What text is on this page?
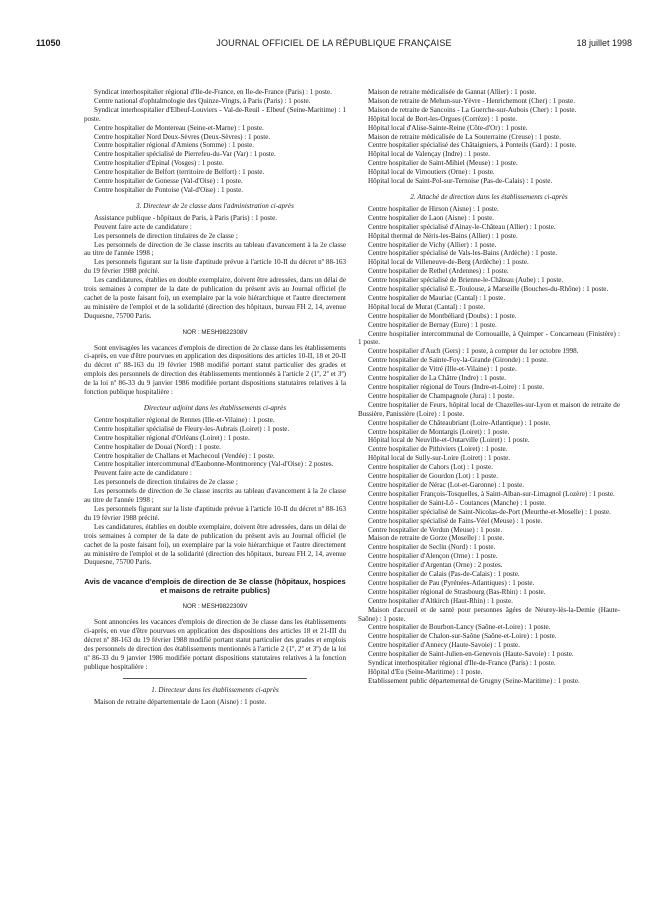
11050	JOURNAL OFFICIEL DE LA RÉPUBLIQUE FRANÇAISE	18 juillet 1998

Syndicat interhospitalier régional d'Ile-de-France, en Ile-de-France (Paris) : 1 poste.

Centre national d'ophtalmologie des Quinze-Vingts, à Paris (Paris) : 1 poste.

Syndicat interhospitalier d'Elbeuf-Louviers - Val-de-Reuil - Elbeuf (Seine-Maritime) : 1 poste.

Centre hospitalier de Montereau (Seine-et-Marne) : 1 poste.

Centre hospitalier Nord Deux-Sèvres (Deux-Sèvres) : 1 poste.

Centre hospitalier régional d'Amiens (Somme) : 1 poste.

Centre hospitalier spécialisé de Pierrefeu-du-Var (Var) : 1 poste.

Centre hospitalier d'Epinal (Vosges) : 1 poste.

Centre hospitalier de Belfort (territoire de Belfort) : 1 poste.

Centre hospitalier de Gonesse (Val-d'Oise) : 1 poste.

Centre hospitalier de Pontoise (Val-d'Oise) : 1 poste.

3. Directeur de 2e classe dans l'administration ci-après

Assistance publique - hôpitaux de Paris, à Paris (Paris) : 1 poste.

Peuvent faire acte de candidature :

Les personnels de direction titulaires de 2e classe ;

Les personnels de direction de 3e classe inscrits au tableau d'avancement à la 2e classe au titre de l'année 1998 ;

Les personnels figurant sur la liste d'aptitude prévue à l'article 10-II du décret nº 88-163 du 19 février 1988 précité.

Les candidatures, établies en double exemplaire, doivent être adressées, dans un délai de trois semaines à compter de la date de publication du présent avis au Journal officiel (le cachet de la poste faisant foi), un exemplaire par la voie hiérarchique et l'autre directement au ministère de l'emploi et de la solidarité (direction des hôpitaux, bureau FH 2, 14, avenue Duquesne, 75700 Paris.

NOR : MESH9822308V

Sont envisagées les vacances d'emplois de direction de 2e classe dans les établissements ci-après, en vue d'être pourvues en application des dispositions des articles 10-II, 18 et 20-II du décret nº 88-163 du 19 février 1988 modifié portant statut particulier des grades et emplois des personnels de direction des établissements mentionnés à l'article 2 (1º, 2º et 3º) de la loi nº 86-33 du 9 janvier 1986 modifiée portant dispositions statutaires relatives à la fonction publique hospitalière :

Directeur adjoint dans les établissements ci-après

Centre hospitalier régional de Rennes (Ille-et-Vilaine) : 1 poste.

Centre hospitalier spécialisé de Fleury-les-Aubrais (Loiret) : 1 poste.

Centre hospitalier régional d'Orléans (Loiret) : 1 poste.

Centre hospitalier de Douai (Nord) : 1 poste.

Centre hospitalier de Challans et Machecoul (Vendée) : 1 poste.

Centre hospitalier intercommunal d'Eaubonne-Montmorency (Val-d'Oise) : 2 postes.

Peuvent faire acte de candidature :

Les personnels de direction titulaires de 2e classe ;

Les personnels de direction de 3e classe inscrits au tableau d'avancement à la 2e classe au titre de l'année 1998 ;

Les personnels figurant sur la liste d'aptitude prévue à l'article 10-II du décret nº 88-163 du 19 février 1988 précité.

Les candidatures, établies en double exemplaire, doivent être adressées, dans un délai de trois semaines à compter de la date de publication du présent avis au Journal officiel (le cachet de la poste faisant foi), un exemplaire par la voie hiérarchique et l'autre directement au ministère de l'emploi et de la solidarité (direction des hôpitaux, bureau FH 2, 14, avenue Duquesne, 75700 Paris.

Avis de vacance d'emplois de direction de 3e classe (hôpitaux, hospices et maisons de retraite publics)

NOR : MESH9822309V

Sont annoncées les vacances d'emplois de direction de 3e classe dans les établissements ci-après, en vue d'être pourvues en application des dispositions des articles 18 et 21-III du décret nº 88-163 du 19 février 1988 modifié portant statut particulier des grades et emplois des personnels de direction des établissements mentionnés à l'article 2 (1º, 2º et 3º) de la loi nº 86-33 du 9 janvier 1986 modifiée portant dispositions statutaires relatives à la fonction publique hospitalière :

1. Directeur dans les établissements ci-après

Maison de retraite départementale de Laon (Aisne) : 1 poste.

Maison de retraite médicalisée de Gannat (Allier) : 1 poste.

Maison de retraite de Mehun-sur-Yèvre - Henrichemont (Cher) : 1 poste.

Maison de retraite de Sancoins - La Guerche-sur-Aubois (Cher) : 1 poste.

Hôpital local de Bort-les-Orgues (Corrèze) : 1 poste.

Hôpital local d'Alise-Sainte-Reine (Côte-d'Or) : 1 poste.

Maison de retraite médicalisée de La Souterraine (Creuse) : 1 poste.

Centre hospitalier spécialisé des Châtaigniers, à Ponteils (Gard) : 1 poste.

Hôpital local de Valençay (Indre) : 1 poste.

Centre hospitalier de Saint-Mihiel (Meuse) : 1 poste.

Hôpital local de Vimoutiers (Orne) : 1 poste.

Hôpital local de Saint-Pol-sur-Ternoise (Pas-de-Calais) : 1 poste.

2. Attaché de direction dans les établissements ci-après

Centre hospitalier de Hirson (Aisne) : 1 poste.

Centre hospitalier de Laon (Aisne) : 1 poste.

Centre hospitalier spécialisé d'Ainay-le-Château (Allier) : 1 poste.

Hôpital thermal de Néris-les-Bains (Allier) : 1 poste.

Centre hospitalier de Vichy (Allier) : 1 poste.

Centre hospitalier spécialisé de Vals-les-Bains (Ardèche) : 1 poste.

Hôpital local de Villeneuve-de-Berg (Ardèche) : 1 poste.

Centre hospitalier de Rethel (Ardennes) : 1 poste.

Centre hospitalier spécialisé de Brienne-le-Château (Aube) : 1 poste.

Centre hospitalier spécialisé E.-Toulouse, à Marseille (Bouches-du-Rhône) : 1 poste.

Centre hospitalier de Mauriac (Cantal) : 1 poste.

Hôpital local de Murat (Cantal) : 1 poste.

Centre hospitalier de Montbéliard (Doubs) : 1 poste.

Centre hospitalier de Bernay (Eure) : 1 poste.

Centre hospitalier intercommunal de Cornouaille, à Quimper - Concarneau (Finistère) : 1 poste.

Centre hospitalier d'Auch (Gers) : 1 poste, à compter du 1er octobre 1998.

Centre hospitalier de Sainte-Foy-la-Grande (Gironde) : 1 poste.

Centre hospitalier de Vitré (Ille-et-Vilaine) : 1 poste.

Centre hospitalier de La Châtre (Indre) : 1 poste.

Centre hospitalier régional de Tours (Indre-et-Loire) : 1 poste.

Centre hospitalier de Champagnole (Jura) : 1 poste.

Centre hospitalier de Feurs, hôpital local de Chazelles-sur-Lyon et maison de retraite de Bussière, Panissière (Loire) : 1 poste.

Centre hospitalier de Châteaubriant (Loire-Atlantique) : 1 poste.

Centre hospitalier de Montargis (Loiret) : 1 poste.

Hôpital local de Neuville-et-Outarville (Loiret) : 1 poste.

Centre hospitalier de Pithiviers (Loiret) : 1 poste.

Hôpital local de Sully-sur-Loire (Loiret) : 1 poste.

Centre hospitalier de Cahors (Lot) : 1 poste.

Centre hospitalier de Gourdon (Lot) : 1 poste.

Centre hospitalier de Nérac (Lot-et-Garonne) : 1 poste.

Centre hospitalier François-Tosquelles, à Saint-Alban-sur-Limagnol (Lozère) : 1 poste.

Centre hospitalier de Saint-Lô - Coutances (Manche) : 1 poste.

Centre hospitalier spécialisé de Saint-Nicolas-de-Port (Meurthe-et-Moselle) : 1 poste.

Centre hospitalier spécialisé de Fains-Véel (Meuse) : 1 poste.

Centre hospitalier de Verdun (Meuse) : 1 poste.

Maison de retraite de Gorze (Moselle) : 1 poste.

Centre hospitalier de Seclin (Nord) : 1 poste.

Centre hospitalier d'Alençon (Orne) : 1 poste.

Centre hospitalier d'Argentan (Orne) : 2 postes.

Centre hospitalier de Calais (Pas-de-Calais) : 1 poste.

Centre hospitalier de Pau (Pyrénées-Atlantiques) : 1 poste.

Centre hospitalier régional de Strasbourg (Bas-Rhin) : 1 poste.

Centre hospitalier d'Altkirch (Haut-Rhin) : 1 poste.

Maison d'accueil et de santé pour personnes âgées de Neurey-lès-la-Demie (Haute-Saône) : 1 poste.

Centre hospitalier de Bourbon-Lancy (Saône-et-Loire) : 1 poste.

Centre hospitalier de Chalon-sur-Saône (Saône-et-Loire) : 1 poste.

Centre hospitalier d'Annecy (Haute-Savoie) : 1 poste.

Centre hospitalier de Saint-Julien-en-Genevois (Haute-Savoie) : 1 poste.

Syndicat interhospitalier régional d'Ile-de-France (Paris) : 1 poste.

Hôpital d'Eu (Seine-Maritime) : 1 poste.

Etablissement public départemental de Grugny (Seine-Maritime) : 1 poste.
